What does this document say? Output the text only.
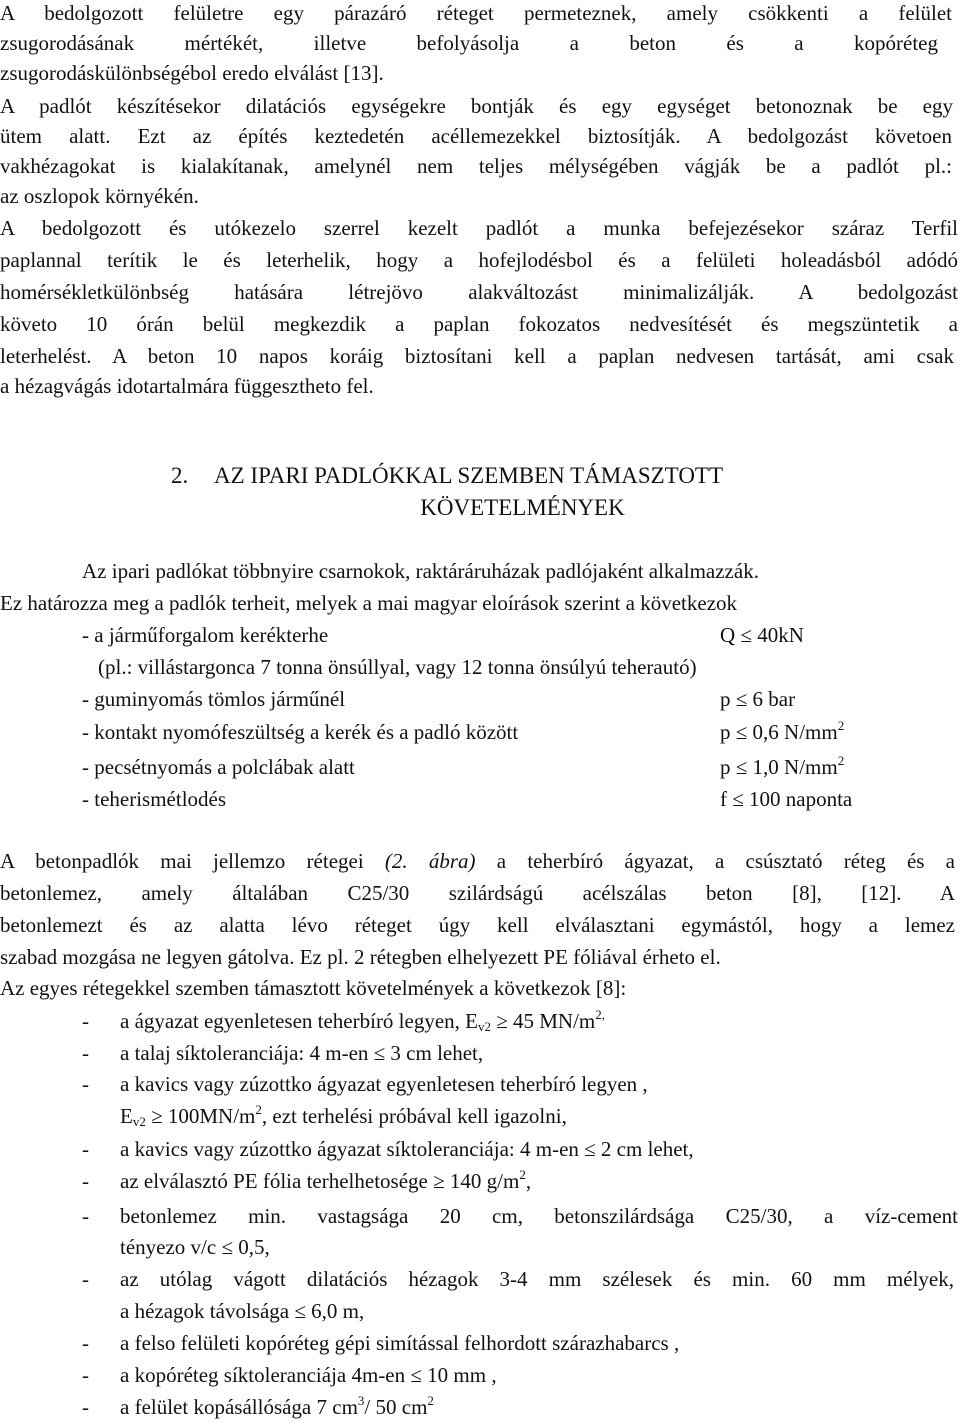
A bedolgozott felületre egy párazáró réteget permeteznek, amely csökkenti a felület
zsugorodásának mértékét, illetve befolyásolja a beton és a kopóréteg
zsugorodáskülönbségébol eredo elválást [13].
A padlót készítésekor dilatációs egységekre bontják és egy egységet betonoznak be egy
ütem alatt. Ezt az építés keztedetén acéllemezekkel biztosítják. A bedolgozást követoen
vakhézagokat is kialakítanak, amelynél nem teljes mélységében vágják be a padlót pl.:
az oszlopok környékén.
A bedolgozott és utókezelo szerrel kezelt padlót a munka befejezésekor száraz Terfil
paplannal terítik le és leterhelik, hogy a hofejlodésbol és a felületi holeadásból adódó
homérsékletkülönbség hatására létrejövo alakváltozást minimalizálják. A bedolgozást
követo 10 órán belül megkezdik a paplan fokozatos nedvesítését és megszüntetik a
leterhelést. A beton 10 napos koráig biztosítani kell a paplan nedvesen tartását, ami csak
a hézagvágás idotartalmára függesztheto fel.
2. AZ IPARI PADLÓKKAL SZEMBEN TÁMASZTOTT
KÖVETELMÉNYEK
Az ipari padlókat többnyire csarnokok, raktáráruházak padlójaként alkalmazzák.
Ez határozza meg a padlók terheit, melyek a mai magyar eloírások szerint a következok
- a járműforgalom kerékterhe	Q ≤ 40kN
(pl.: villástargonca 7 tonna önsúllyal, vagy 12 tonna önsúlyú teherautó)
- guminyomás tömlos járműnél	p ≤ 6 bar
- kontakt nyomófeszültség a kerék és a padló között	p ≤ 0,6 $N/mm^2$
- pecsétnyomás a polclábak alatt	p ≤ 1,0 $N/mm^2$
- teherismétlodés	f ≤ 100 naponta
A betonpadlók mai jellemzo rétegei (2. ábra) a teherbíró ágyazat, a csúsztató réteg és a
betonlemez, amely általában C25/30 szilárdságú acélszálas beton [8], [12]. A
betonlemezt és az alatta lévo réteget úgy kell elválasztani egymástól, hogy a lemez
szabad mozgása ne legyen gátolva. Ez pl. 2 rétegben elhelyezett PE fóliával érheto el.
Az egyes rétegekkel szemben támasztott követelmények a következok [8]:
- a ágyazat egyenletesen teherbíró legyen, $E_{v2} \ge 45$ $MN/m^{2,}$
- a talaj síktoleranciája: 4 m-en ≤ 3 cm lehet,
- a kavics vagy zúzottko ágyazat egyenletesen teherbíró legyen ,
$E_{v2} \ge 100MN/m^2$, ezt terhelési próbával kell igazolni,
- a kavics vagy zúzottko ágyazat síktoleranciája: 4 m-en ≤ 2 cm lehet,
- az elválasztó PE fólia terhelhetosége ≥ 140 $g/m^2$,
- betonlemez min. vastagsága 20 cm, betonszilárdsága C25/30, a víz-cement
tényezo v/c ≤ 0,5,
- az utólag vágott dilatációs hézagok 3-4 mm szélesek és min. 60 mm mélyek,
a hézagok távolsága ≤ 6,0 m,
- a felso felületi kopóréteg gépi simítással felhordott szárazhabarcs ,
- a kopóréteg síktoleranciája 4m-en ≤ 10 mm ,
- a felület kopásállósága 7 $cm^3/$ 50 $cm^2$
